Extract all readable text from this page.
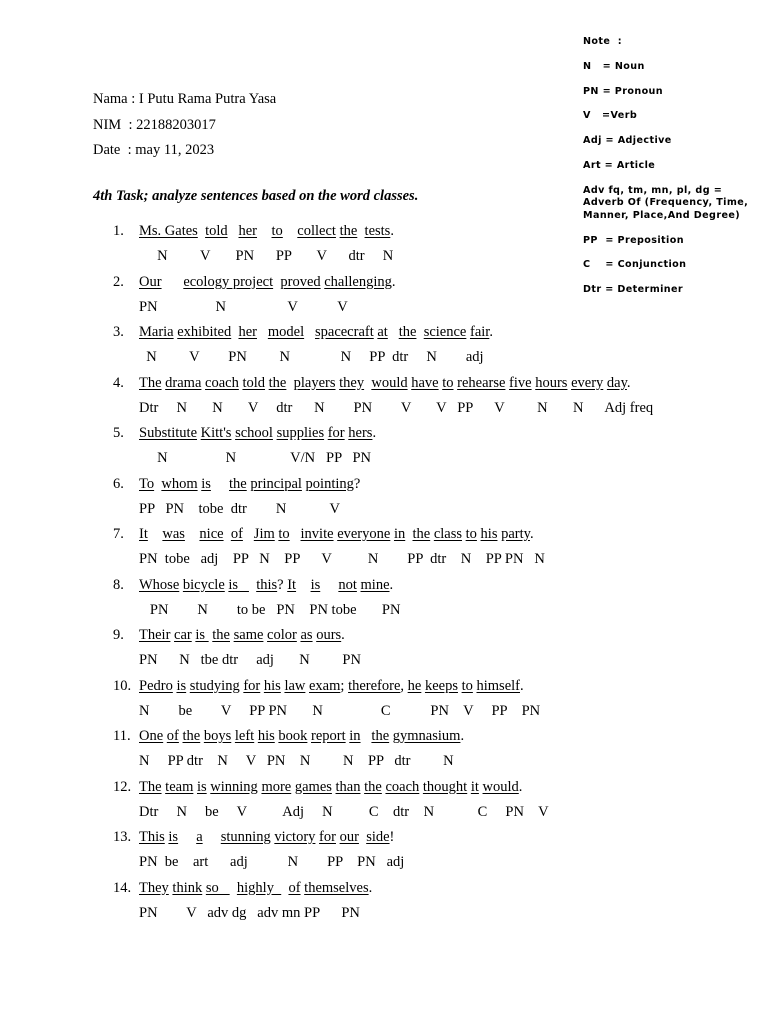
Note  :
N   = Noun
PN = Pronoun
V   =Verb
Adj = Adjective
Art = Article
Adv fq, tm, mn, pl, dg = Adverb Of (Frequency, Time, Manner, Place,And Degree)
PP  = Preposition
C    = Conjunction
Dtr = Determiner
Nama : I Putu Rama Putra Yasa
NIM  : 22188203017
Date  : may 11, 2023
4th Task; analyze sentences based on the word classes.
1.	Ms. Gates told her to collect the tests.
N         V       PN      PP       V      dtr     N
2.	Our ecology project proved challenging.
PN                N                 V           V
3.	Maria exhibited her model spacecraft at the science fair.
N         V        PN         N              N     PP  dtr     N        adj
4.	The drama coach told the players they would have to rehearse five hours every day.
Dtr     N       N       V     dtr      N        PN        V       V   PP      V         N       N      Adj freq
5.	Substitute Kitt's school supplies for hers.
N                N               V/N   PP   PN
6.	To whom is the principal pointing?
PP   PN    tobe  dtr        N            V
7.	It was nice of Jim to invite everyone in the class to his party.
PN  tobe   adj    PP   N    PP      V          N        PP  dtr    N    PP PN   N
8.	Whose bicycle is     this? It is not mine.
PN        N        to be   PN    PN tobe       PN
9.	Their car is  the same color as ours.
PN      N   tbe dtr     adj       N         PN
10. Pedro is studying for his law exam; therefore, he keeps to himself.
N        be        V     PP PN       N                C           PN    V     PP    PN
11. One of the boys left his book report in the gymnasium.
N     PP dtr    N     V   PN    N         N    PP   dtr         N
12. The team is winning more games than the coach thought it would.
Dtr     N     be     V          Adj     N          C    dtr    N            C     PN    V
13. This is a stunning victory for our side!
PN  be    art      adj           N        PP    PN   adj
14. They think so     highly    of themselves.
PN        V   adv dg   adv mn PP      PN
